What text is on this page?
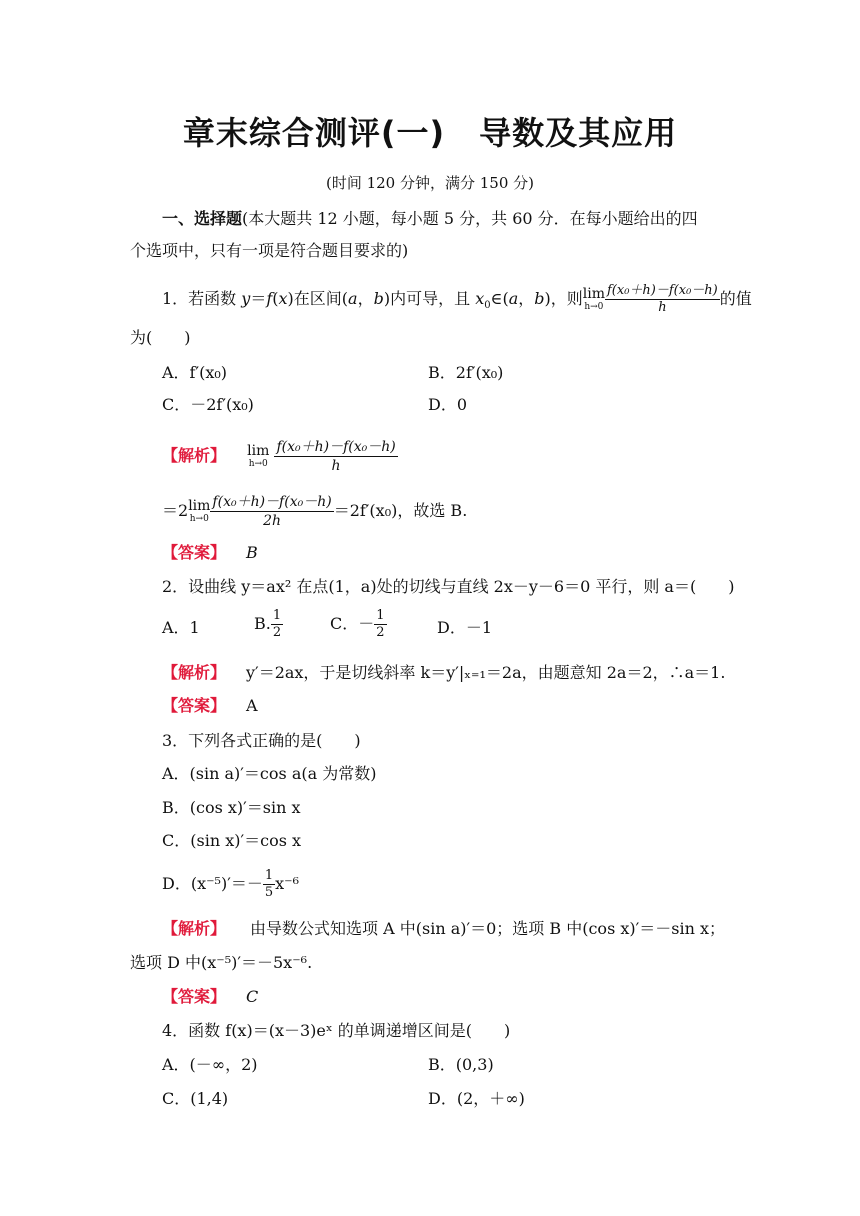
章末综合测评(一) 导数及其应用
(时间 120 分钟，满分 150 分)
一、选择题(本大题共 12 小题，每小题 5 分，共 60 分．在每小题给出的四
个选项中，只有一项是符合题目要求的)
1．若函数 y＝f(x)在区间(a，b)内可导，且 $x_0\in(a$，b)，则lim
$h\to 0 \frac{\text{f(x₀＋h)－f(x₀－h)}}{h}$ 的值
为(　　)
A．f′(x₀)	B．2f′(x₀)
C．－2f′(x₀)	D．0
【解析】 lim
h→0
$\frac{\text{f(x₀＋h)－f(x₀－h)}}{h}$
＝2lim
$h\to 0 \frac{\text{f(x₀＋h)－f(x₀－h)}}{2h} =2f'(x_0)$，故选 B.
【答案】 B
2．设曲线 y＝ax² 在点(1，a)处的切线与直线 2x－y－6＝0 平行，则 a＝(　　)
A．1	B. $\frac{1}{2}$	C．－ $\frac{1}{2}$	D．－1
【解析】 y′＝2ax，于是切线斜率 k＝y′|ₓ₌₁＝2a，由题意知 2a＝2，∴a＝1.
【答案】 A
3．下列各式正确的是(　　)
A．(sin a)′＝cos a(a 为常数)
B．(cos x)′＝sin x
C．(sin x)′＝cos x
D．$(x^{-5})'=- \frac{1}{5} x^{-6}$
【解析】 由导数公式知选项 A 中(sin a)′＝0；选项 B 中(cos x)′＝－sin x；
选项 D 中(x⁻⁵)′＝－5x⁻⁶.
【答案】 C
4．函数 f(x)＝(x－3)eˣ 的单调递增区间是(　　)
A．(－∞，2)	B．(0,3)
C．(1,4)	D．(2，＋∞)
